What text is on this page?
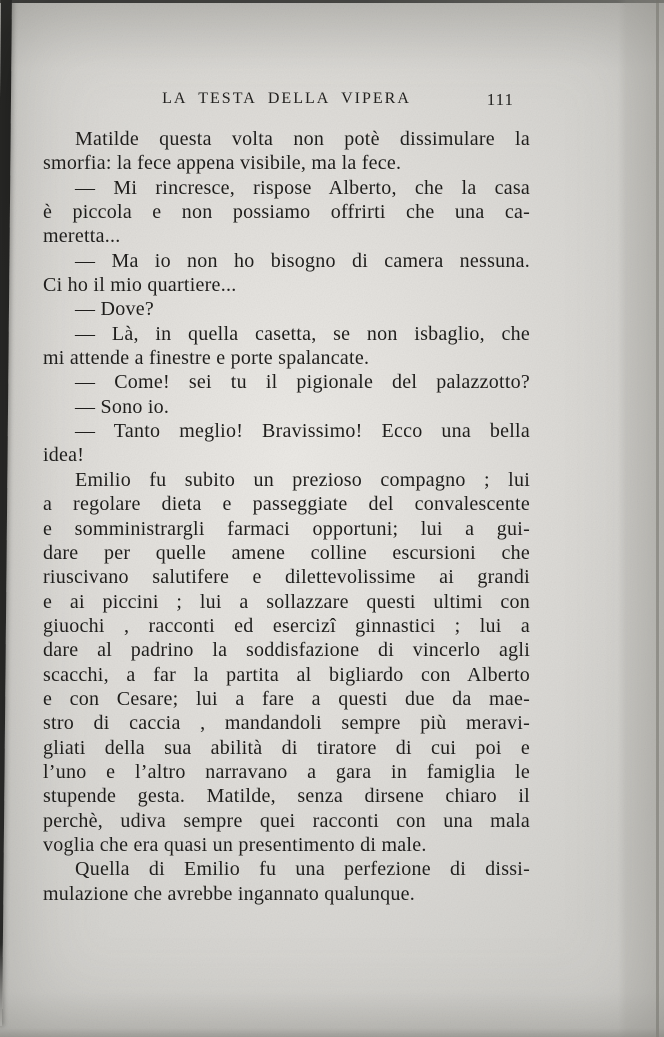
LA TESTA DELLA VIPERA	111
Matilde questa volta non potè dissimulare la
smorfia: la fece appena visibile, ma la fece.
— Mi rincresce, rispose Alberto, che la casa
è piccola e non possiamo offrirti che una ca-
meretta...
— Ma io non ho bisogno di camera nessuna.
Ci ho il mio quartiere...
— Dove?
— Là, in quella casetta, se non isbaglio, che
mi attende a finestre e porte spalancate.
— Come! sei tu il pigionale del palazzotto?
— Sono io.
— Tanto meglio! Bravissimo! Ecco una bella
idea!
Emilio fu subito un prezioso compagno ; lui
a regolare dieta e passeggiate del convalescente
e somministrargli farmaci opportuni; lui a gui-
dare per quelle amene colline escursioni che
riuscivano salutifere e dilettevolissime ai grandi
e ai piccini ; lui a sollazzare questi ultimi con
giuochi , racconti ed esercizî ginnastici ; lui a
dare al padrino la soddisfazione di vincerlo agli
scacchi, a far la partita al bigliardo con Alberto
e con Cesare; lui a fare a questi due da mae-
stro di caccia , mandandoli sempre più meravi-
gliati della sua abilità di tiratore di cui poi e
l’uno e l’altro narravano a gara in famiglia le
stupende gesta. Matilde, senza dirsene chiaro il
perchè, udiva sempre quei racconti con una mala
voglia che era quasi un presentimento di male.
Quella di Emilio fu una perfezione di dissi-
mulazione che avrebbe ingannato qualunque.
